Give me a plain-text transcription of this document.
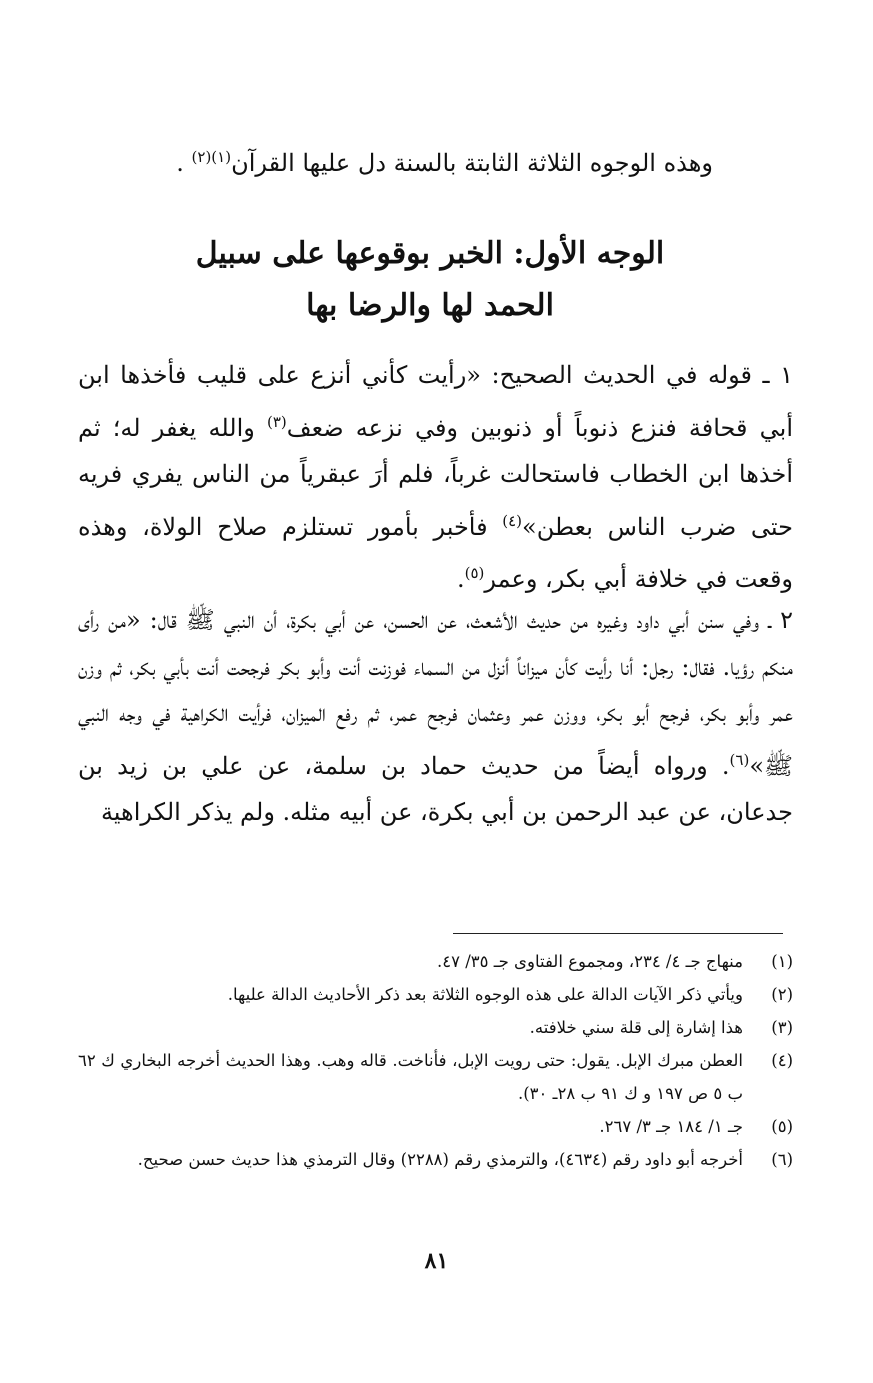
وهذه الوجوه الثلاثة الثابتة بالسنة دل عليها القرآن$^{(١)(٢)}$ .
الوجه الأول: الخبر بوقوعها على سبيل
الحمد لها والرضا بها
١ ـ قوله في الحديث الصحيح: «رأيت كأني أنزع على قليب فأخذها ابن أبي قحافة فنزع ذنوباً أو ذنوبين وفي نزعه ضعف$^{(٣)}$ والله يغفر له؛ ثم أخذها ابن الخطاب فاستحالت غرباً، فلم أرَ عبقرياً من الناس يفري فريه حتى ضرب الناس بعطن»$^{(٤)}$ فأخبر بأمور تستلزم صلاح الولاة، وهذه وقعت في خلافة أبي بكر، وعمر$^{(٥)}$.
٢ ـ وفي سنن أبي داود وغيره من حديث الأشعث، عن الحسن، عن أبي بكرة، أن النبي ﷺ قال: «من رأى منكم رؤيا. فقال: رجل: أنا رأيت كأن ميزاناً أنزل من السماء فوزنت أنت وأبو بكر فرجحت أنت بأبي بكر، ثم وزن عمر وأبو بكر، فرجح أبو بكر، ووزن عمر وعثمان فرجح عمر، ثم رفع الميزان، فرأيت الكراهية في وجه النبي ﷺ»$^{(٦)}$. ورواه أيضاً من حديث حماد بن سلمة، عن علي بن زيد بن جدعان، عن عبد الرحمن بن أبي بكرة، عن أبيه مثله. ولم يذكر الكراهية
(١)
منهاج جـ ٤/ ٢٣٤، ومجموع الفتاوى جـ ٣٥/ ٤٧.
(٢)
ويأتي ذكر الآيات الدالة على هذه الوجوه الثلاثة بعد ذكر الأحاديث الدالة عليها.
(٣)
هذا إشارة إلى قلة سني خلافته.
(٤)
العطن مبرك الإبل. يقول: حتى رويت الإبل، فأناخت. قاله وهب. وهذا الحديث أخرجه البخاري ك ٦٢ ب ٥ ص ١٩٧ و ك ٩١ ب ٢٨ـ ٣٠).
(٥)
جـ ١/ ١٨٤ جـ ٣/ ٢٦٧.
(٦)
أخرجه أبو داود رقم (٤٦٣٤)، والترمذي رقم (٢٢٨٨) وقال الترمذي هذا حديث حسن صحيح.
٨١
